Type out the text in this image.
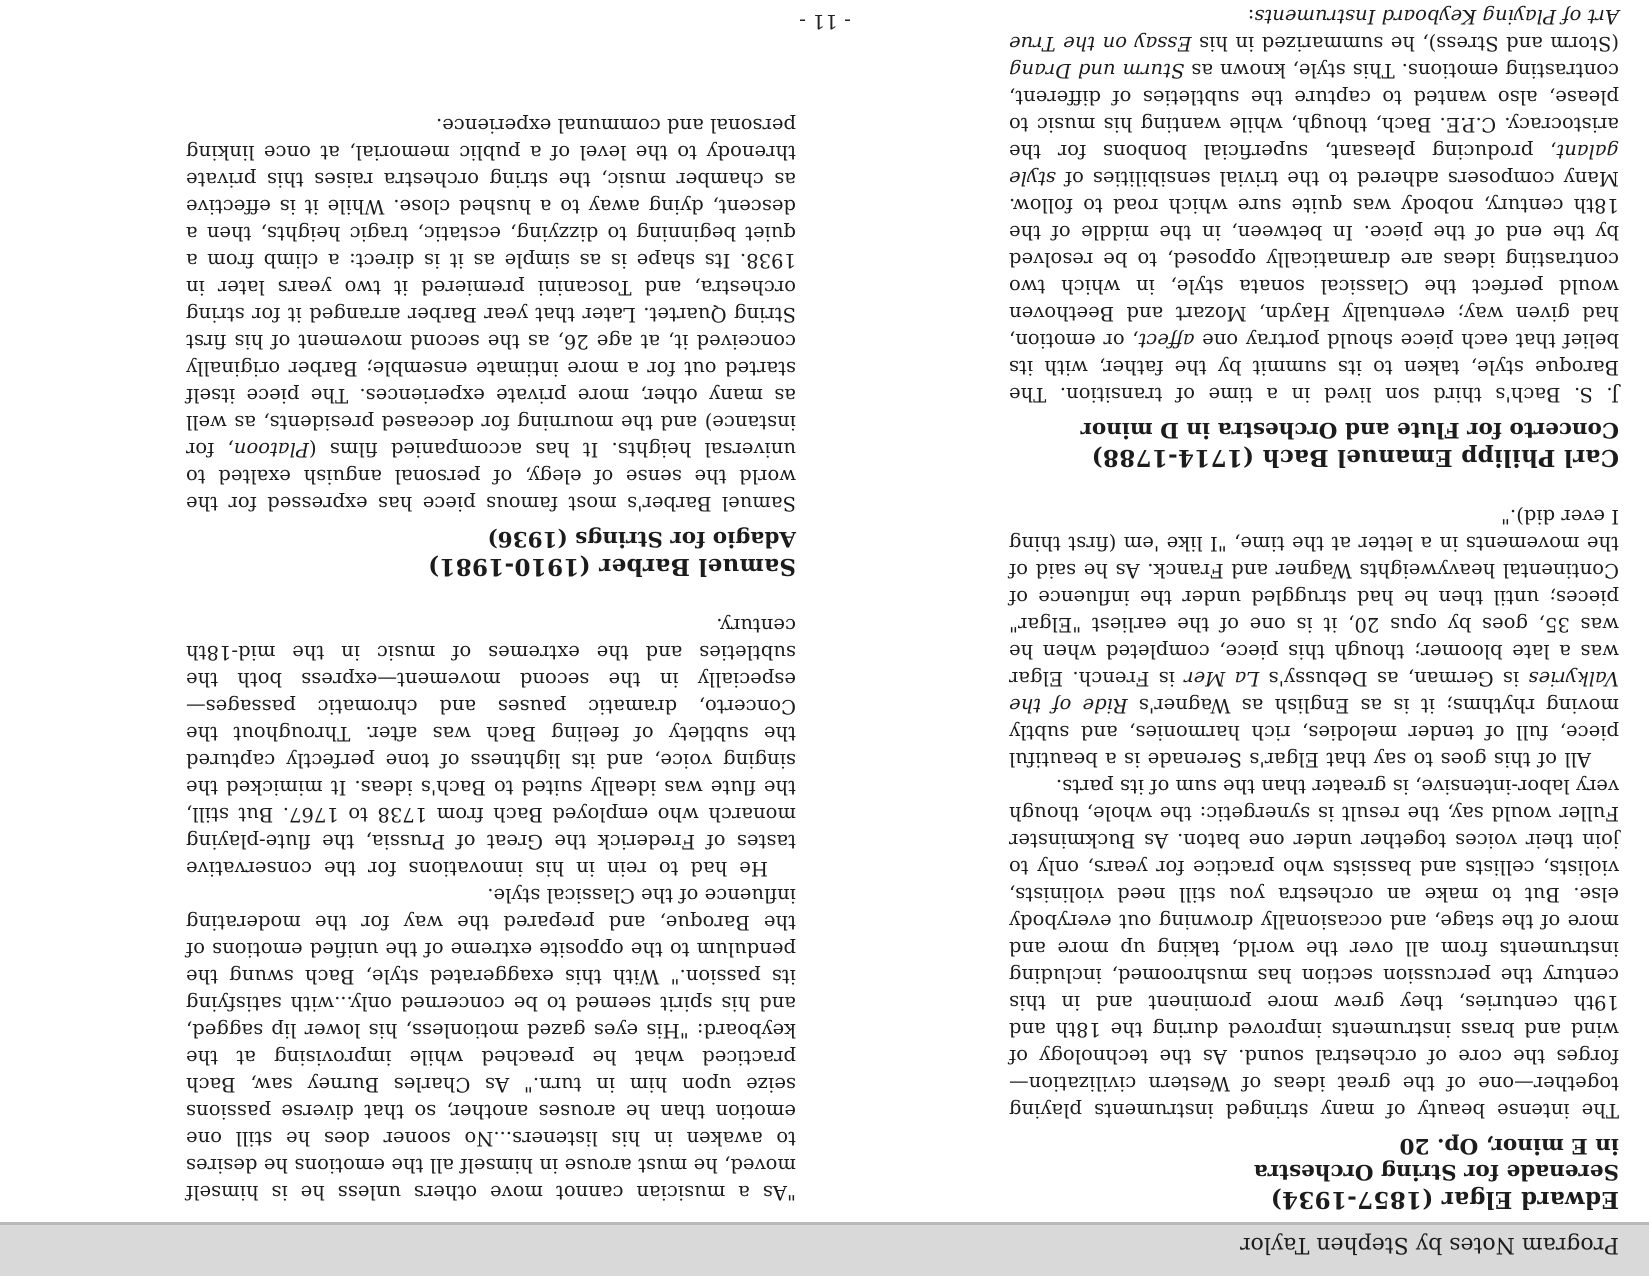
- 11 -
Program Notes by Stephen Taylor
Edward Elgar (1857-1934)
Serenade for String Orchestra
in E minor, Op. 20

The intense beauty of many stringed instruments playing together—one of the great ideas of Western civilization—forges the core of orchestral sound. As the technology of wind and brass instruments improved during the 18th and 19th centuries, they grew more prominent and in this century the percussion section has mushroomed, including instruments from all over the world, taking up more and more of the stage, and occasionally drowning out everybody else. But to make an orchestra you still need violinists, violists, cellists and bassists who practice for years, only to join their voices together under one baton. As Buckminster Fuller would say, the result is synergetic: the whole, though very labor-intensive, is greater than the sum of its parts.

All of this goes to say that Elgar's Serenade is a beautiful piece, full of tender melodies, rich harmonies, and subtly moving rhythms; it is as English as Wagner's Ride of the Valkyries is German, as Debussy's La Mer is French. Elgar was a late bloomer; though this piece, completed when he was 35, goes by opus 20, it is one of the earliest "Elgar" pieces; until then he had struggled under the influence of Continental heavyweights Wagner and Franck. As he said of the movements in a letter at the time, "I like 'em (first thing I ever did)."

Carl Philipp Emanuel Bach (1714-1788)
Concerto for Flute and Orchestra in D minor

J. S. Bach's third son lived in a time of transition. The Baroque style, taken to its summit by the father, with its belief that each piece should portray one affect, or emotion, had given way; eventually Haydn, Mozart and Beethoven would perfect the Classical sonata style, in which two contrasting ideas are dramatically opposed, to be resolved by the end of the piece. In between, in the middle of the 18th century, nobody was quite sure which road to follow. Many composers adhered to the trivial sensibilities of style galant, producing pleasant, superficial bonbons for the aristocracy. C.P.E. Bach, though, while wanting his music to please, also wanted to capture the subtleties of different, contrasting emotions. This style, known as Sturm und Drang (Storm and Stress), he summarized in his Essay on the True Art of Playing Keyboard Instruments:

"As a musician cannot move others unless he is himself moved, he must arouse in himself all the emotions he desires to awaken in his listeners...No sooner does he still one emotion than he arouses another, so that diverse passions seize upon him in turn." As Charles Burney saw, Bach practiced what he preached while improvising at the keyboard: "His eyes gazed motionless, his lower lip sagged, and his spirit seemed to be concerned only...with satisfying its passion." With this exaggerated style, Bach swung the pendulum to the opposite extreme of the unified emotions of the Baroque, and prepared the way for the moderating influence of the Classical style.

He had to rein in his innovations for the conservative tastes of Frederick the Great of Prussia, the flute-playing monarch who employed Bach from 1738 to 1767. But still, the flute was ideally suited to Bach's ideas. It mimicked the singing voice, and its lightness of tone perfectly captured the subtlety of feeling Bach was after. Throughout the Concerto, dramatic pauses and chromatic passages—especially in the second movement—express both the subtleties and the extremes of music in the mid-18th century.

Samuel Barber (1910-1981)
Adagio for Strings (1936)

Samuel Barber's most famous piece has expressed for the world the sense of elegy, of personal anguish exalted to universal heights. It has accompanied films (Platoon, for instance) and the mourning for deceased presidents, as well as many other, more private experiences. The piece itself started out for a more intimate ensemble; Barber originally conceived it, at age 26, as the second movement of his first String Quartet. Later that year Barber arranged it for string orchestra, and Toscanini premiered it two years later in 1938. Its shape is as simple as it is direct: a climb from a quiet beginning to dizzying, ecstatic, tragic heights, then a descent, dying away to a hushed close. While it is effective as chamber music, the string orchestra raises this private threnody to the level of a public memorial, at once linking personal and communal experience.
